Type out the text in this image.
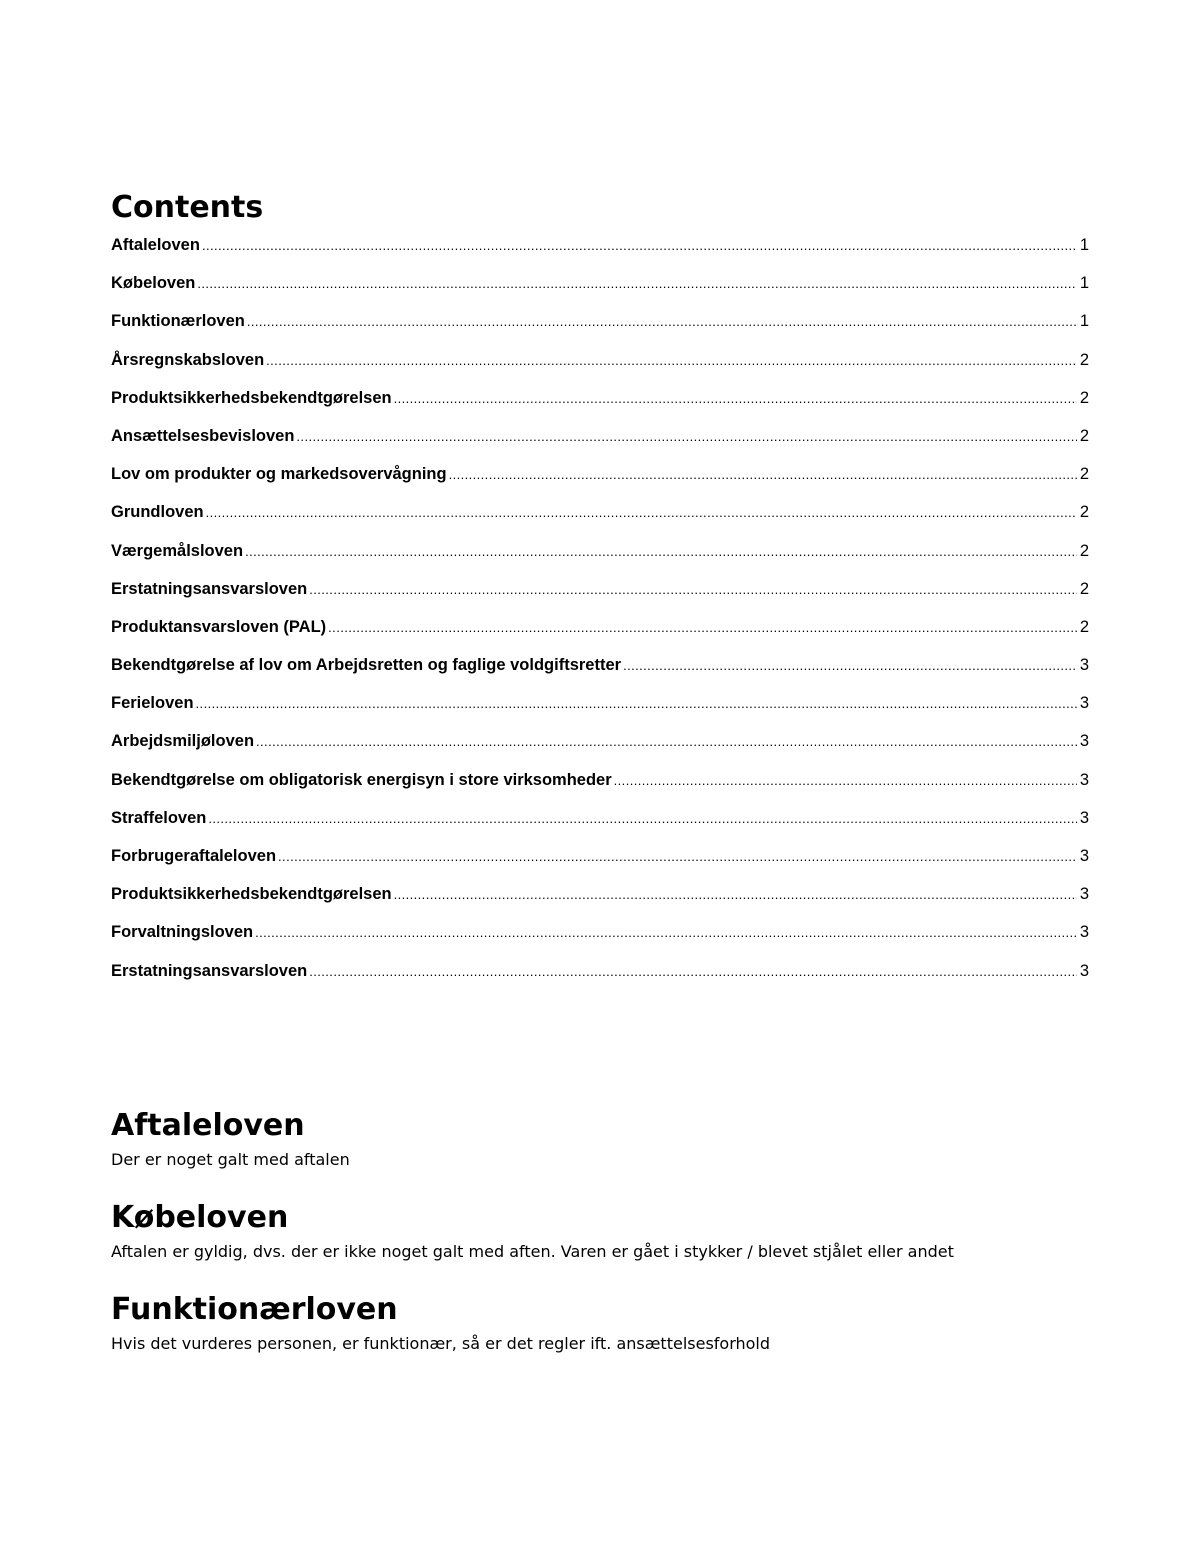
Contents
Aftaleloven .....	1
Købeloven .....	1
Funktionærloven .....	1
Årsregnskabsloven .....	2
Produktsikkerhedsbekendtgørelsen .....	2
Ansættelsesbevisloven .....	2
Lov om produkter og markedsovervågning .....	2
Grundloven .....	2
Værgemålsloven .....	2
Erstatningsansvarsloven .....	2
Produktansvarsloven (PAL) .....	2
Bekendtgørelse af lov om Arbejdsretten og faglige voldgiftsretter .....	3
Ferieloven .....	3
Arbejdsmiljøloven .....	3
Bekendtgørelse om obligatorisk energisyn i store virksomheder .....	3
Straffeloven .....	3
Forbrugeraftaleloven .....	3
Produktsikkerhedsbekendtgørelsen .....	3
Forvaltningsloven .....	3
Erstatningsansvarsloven .....	3
Aftaleloven

Der er noget galt med aftalen

Købeloven

Aftalen er gyldig, dvs. der er ikke noget galt med aften. Varen er gået i stykker / blevet stjålet eller andet

Funktionærloven

Hvis det vurderes personen, er funktionær, så er det regler ift. ansættelsesforhold
